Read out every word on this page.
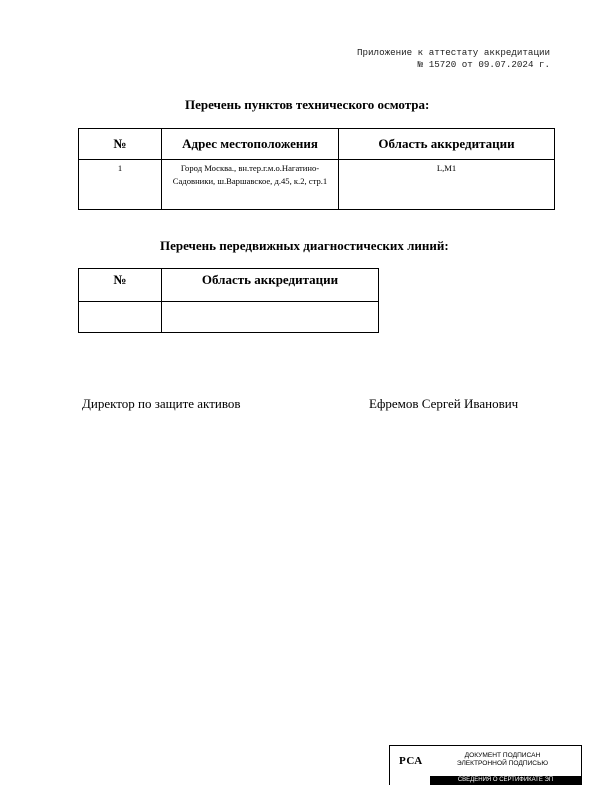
Приложение к аттестату аккредитации
№ 15720 от 09.07.2024 г.
Перечень пунктов технического осмотра:
№	Адрес местоположения	Область аккредитации
1	Город Москва., вн.тер.г.м.о.Нагатино-Садовники, ш.Варшавское, д.45, к.2, стр.1	L,M1
Перечень передвижных диагностических линий:
№	Область аккредитации

Директор по защите активов	Ефремов Сергей Иванович
РСА	ДОКУМЕНТ ПОДПИСАН
ЭЛЕКТРОННОЙ ПОДПИСЬЮ
СВЕДЕНИЯ О СЕРТИФИКАТЕ ЭП
